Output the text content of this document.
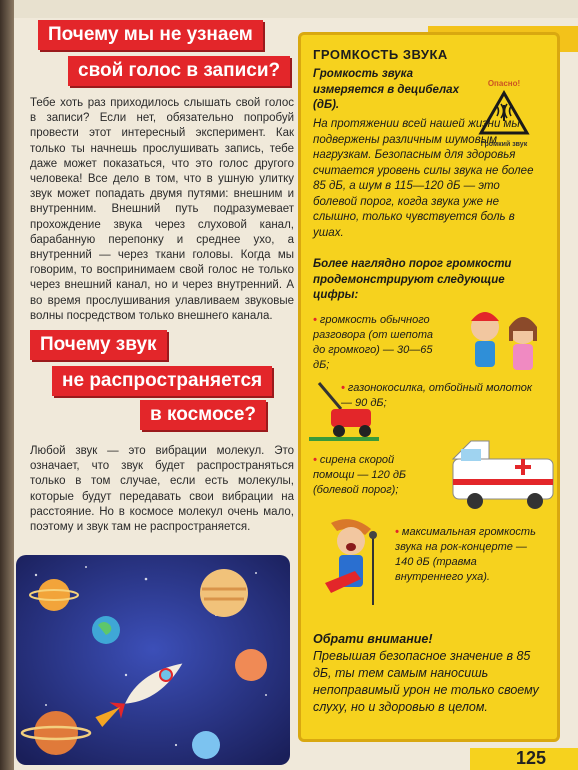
Почему мы не узнаем
свой голос в записи?
Тебе хоть раз приходилось слышать свой голос в записи? Если нет, обязательно попробуй провести этот интересный эксперимент. Как только ты начнешь прослушивать запись, тебе даже может показаться, что это голос другого человека! Все дело в том, что в ушную улитку звук может попадать двумя путями: внешним и внутренним. Внешний путь подразумевает прохождение звука через слуховой канал, барабанную перепонку и среднее ухо, а внутренний — через ткани головы. Когда мы говорим, то воспринимаем свой голос не только через внешний канал, но и через внутренний. А во время прослушивания улавливаем звуковые волны посредством только внешнего канала.
Почему звук
не распространяется
в космосе?
Любой звук — это вибрации молекул. Это означает, что звук будет распространяться только в том случае, если есть молекулы, которые будут передавать свои вибрации на расстояние. Но в космосе молекул очень мало, поэтому и звук там не распространяется.
ГРОМКОСТЬ ЗВУКА
Громкость звука измеряется в децибелах (дБ).
Опасно!
Громкий звук
На протяжении всей нашей жизни мы подвержены различным шумовым нагрузкам. Безопасным для здоровья считается уровень силы звука не более 85 дБ, а шум в 115—120 дБ — это болевой порог, когда звука уже не слышно, только чувствуется боль в ушах.
Более наглядно порог громкости продемонстрируют следующие цифры:
• громкость обычного разговора (от шепота до громкого) — 30—65 дБ;
• газонокосилка, отбойный молоток — 90 дБ;
• сирена скорой помощи — 120 дБ (болевой порог);
• максимальная громкость звука на рок-концерте — 140 дБ (травма внутреннего уха).
Обрати внимание!
Превышая безопасное значение в 85 дБ, ты тем самым наносишь непоправимый урон не только своему слуху, но и здоровью в целом.
125
